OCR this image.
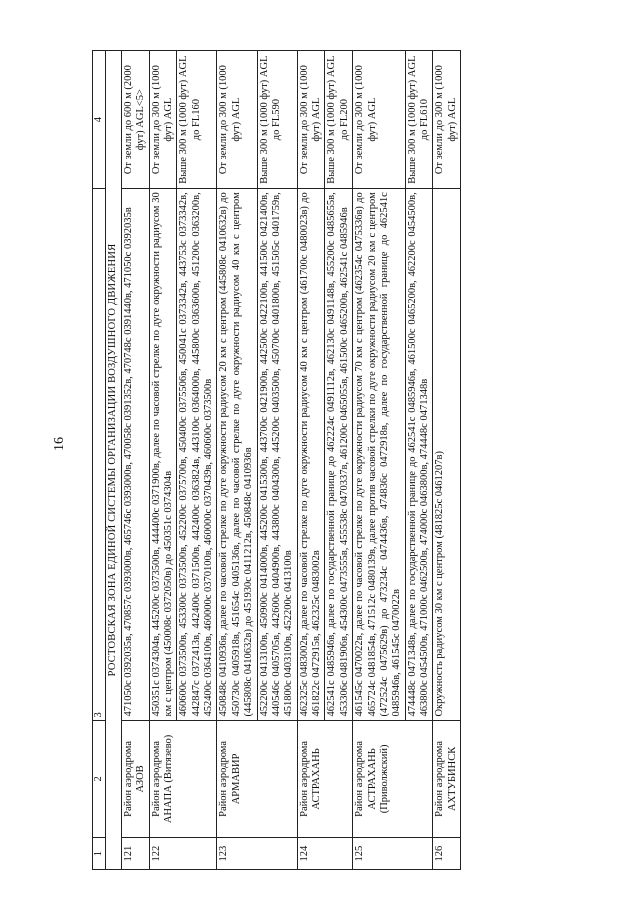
16
1	2	3	4
РОСТОВСКАЯ ЗОНА ЕДИНОЙ СИСТЕМЫ ОРГАНИЗАЦИИ ВОЗДУШНОГО ДВИЖЕНИЯ			
121	Район аэродрома АЗОВ	471050с 0392035в, 470857с 0393000в, 465746с 0393000в, 470058с 0391352в, 470748с 0391440в, 471050с 0392035в	От земли до 600 м (2000 фут) AGL<5>
122	Район аэродрома АНАПА (Витязево)	450351с 0374304в, 445200с 0373500в, 444400с 0371900в, далее по часовой стрелке по дуге окружности радиусом 30 км с центром (450008с 0372050в) до 450351с 0374304в	От земли до 300 м (1000 фут) AGL
		460600с 0373500в, 453300с 0373500в, 452200с 0375700в, 450400с 0375506в, 450041с 0373342в, 443753с 0373342в, 442847с 0372413в, 442400с 0371500в, 442400с 0363824в, 443100с 0364000в, 445800с 0363600в, 451200с 0363200в, 452400с 0364100в, 460000с 0370100в, 460000с 0370439в, 460600с 0373500в	Выше 300 м (1000 фут) AGL до FL160
123	Район аэродрома АРМАВИР	450848с 0410936в, далее по часовой стрелке по дуге окружности радиусом 20 км с центром (445808с 0410632в) до 450730с 0405918в, 451654с 0405136в, далее по часовой стрелке по дуге окружности радиусом 40 км с центром (445808с 0410632в) до 451930с 0411212в, 450848с 0410936в	От земли до 300 м (1000 фут) AGL
		452200с 0413100в, 450900с 0414000в, 445200с 0415300в, 443700с 0421900в, 442500с 0422100в, 441500с 0421400в, 440546с 0405705в, 442600с 0404900в, 443800с 0404300в, 445200с 0403500в, 450700с 0401800в, 451505с 0401759в, 451800с 0403100в, 452200с 0413100в	Выше 300 м (1000 фут) AGL до FL590
124	Район аэродрома АСТРАХАНЬ	462325с 0483002в, далее по часовой стрелке по дуге окружности радиусом 40 км с центром (461700с 0480023в) до 461822с 0472915в, 462325с 0483002в	От земли до 300 м (1000 фут) AGL
		462541с 0485946в, далее по государственной границе до 462224с 0491112в, 462130с 0491148в, 455200с 0485655в, 453306с 0481906в, 454300с 0473555в, 455538с 0470337в, 461200с 0465055в, 461500с 0465200в, 462541с 0485946в	Выше 300 м (1000 фут) AGL до FL200
125	Район аэродрома АСТРАХАНЬ (Приволжский)	461545с 0470022в, далее по часовой стрелке по дуге окружности радиусом 70 км с центром (462354с 0475336в) до 465724с 0481854в, 471512с 0480139в, далее против часовой стрелки по дуге окружности радиусом 20 км с центром (472524с 0475629в) до 473234с 0474436в, 474836с 0472918в, далее по государственной границе до 462541с 0485946в, 461545с 0470022в	От земли до 300 м (1000 фут) AGL
		474448с 0471348в, далее по государственной границе до 462541с 0485946в, 461500с 0465200в, 462200с 0454500в, 463800с 0454500в, 471000с 0462500в, 474000с 0463800в, 474448с 0471348в	Выше 300 м (1000 фут) AGL до FL610
126	Район аэродрома АХТУБИНСК	Окружность радиусом 30 км с центром (481825с 0461207в)	От земли до 300 м (1000 фут) AGL
